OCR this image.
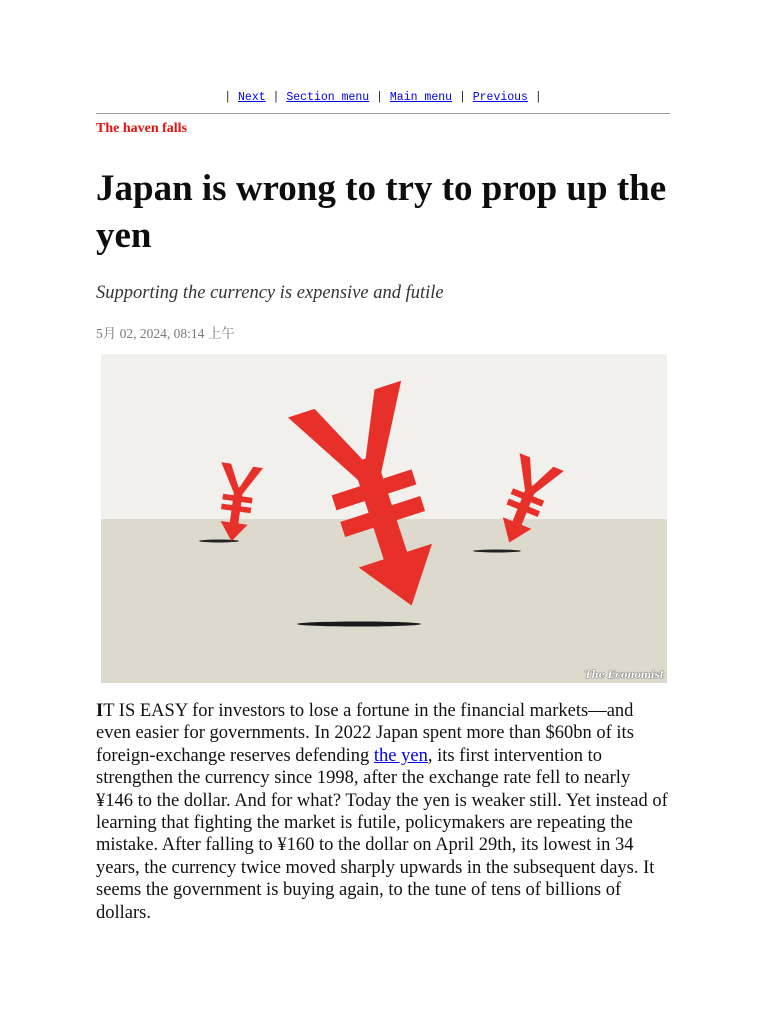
| Next | Section menu | Main menu | Previous |
The haven falls
Japan is wrong to try to prop up the yen

Supporting the currency is expensive and futile

5月 02, 2024, 08:14 上午
The Economist

IT IS EASY for investors to lose a fortune in the financial markets—and even easier for governments. In 2022 Japan spent more than $60bn of its foreign-exchange reserves defending the yen, its first intervention to strengthen the currency since 1998, after the exchange rate fell to nearly ¥146 to the dollar. And for what? Today the yen is weaker still. Yet instead of learning that fighting the market is futile, policymakers are repeating the mistake. After falling to ¥160 to the dollar on April 29th, its lowest in 34 years, the currency twice moved sharply upwards in the subsequent days. It seems the government is buying again, to the tune of tens of billions of dollars.
